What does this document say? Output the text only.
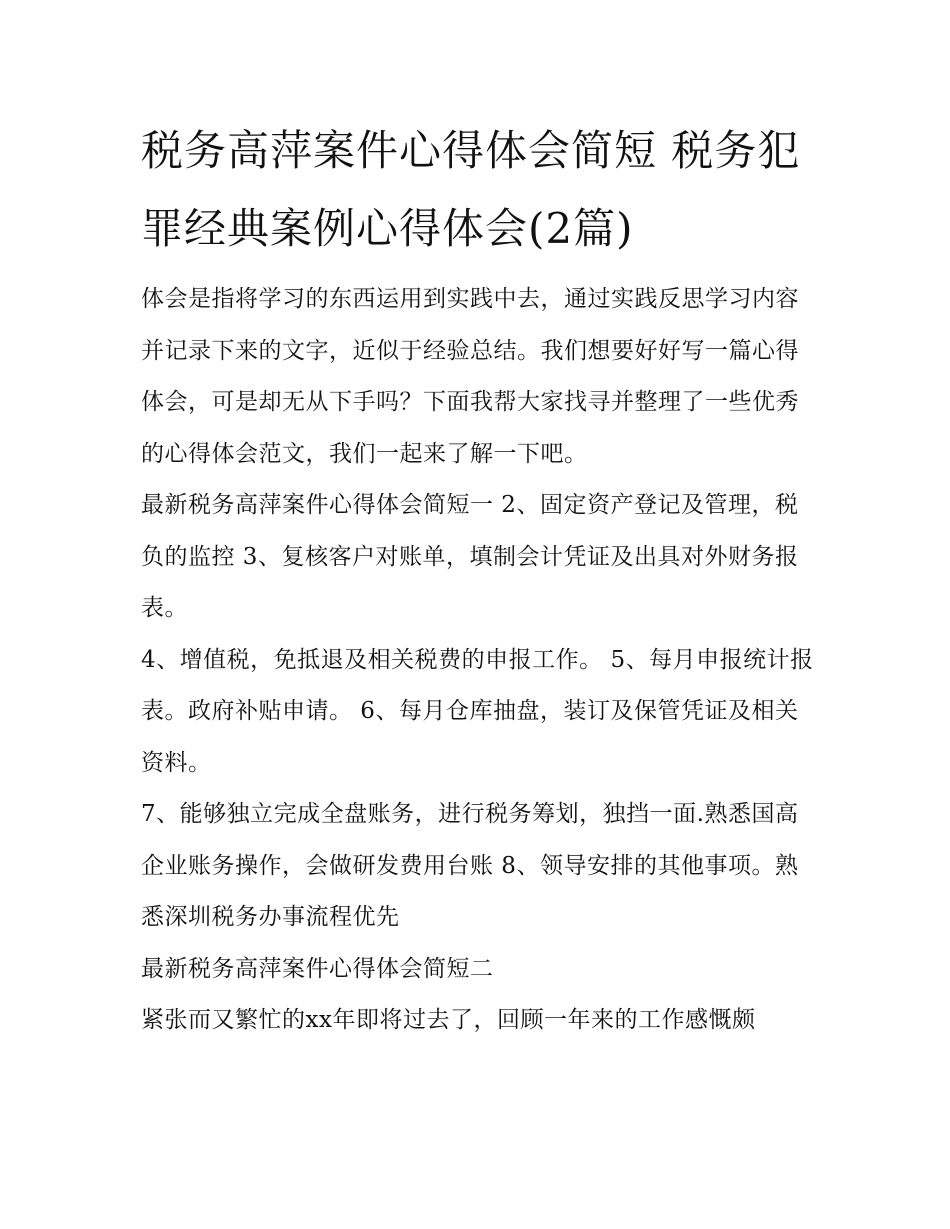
税务高萍案件心得体会简短 税务犯罪经典案例心得体会(2篇)

体会是指将学习的东西运用到实践中去，通过实践反思学习内容并记录下来的文字，近似于经验总结。我们想要好好写一篇心得体会，可是却无从下手吗？下面我帮大家找寻并整理了一些优秀的心得体会范文，我们一起来了解一下吧。

最新税务高萍案件心得体会简短一 2、固定资产登记及管理，税负的监控 3、复核客户对账单，填制会计凭证及出具对外财务报表。

4、增值税，免抵退及相关税费的申报工作。 5、每月申报统计报表。政府补贴申请。 6、每月仓库抽盘，装订及保管凭证及相关资料。

7、能够独立完成全盘账务，进行税务筹划，独挡一面.熟悉国高企业账务操作，会做研发费用台账 8、领导安排的其他事项。熟悉深圳税务办事流程优先

最新税务高萍案件心得体会简短二

紧张而又繁忙的xx年即将过去了，回顾一年来的工作感慨颇
